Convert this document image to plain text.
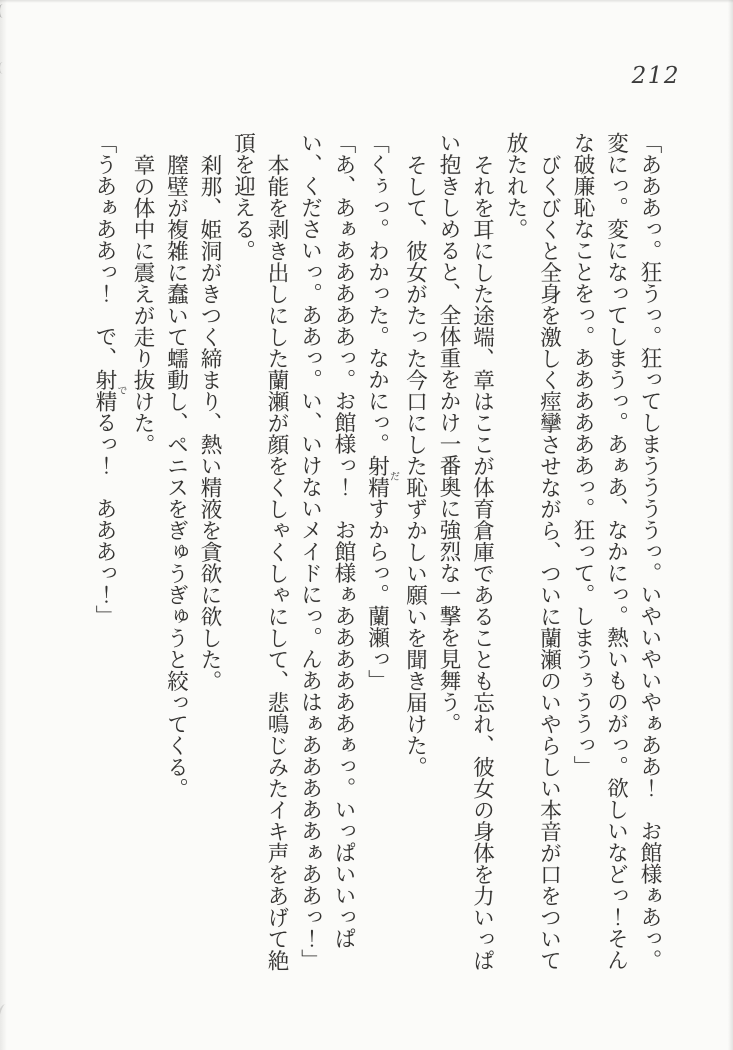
212

「あああっ。狂うっ。狂ってしまううううっ。いやいやいやぁああ！　お館様ぁあっ。変にっ。変になってしまうっ。あぁあ、なかにっ。熱いものがっ。欲しいなどっ！そんな破廉恥なことをっ。ああああああっ。狂って。しまうぅううっ」

びくびくと全身を激しく痙攣させながら、ついに蘭瀬のいやらしい本音が口をついて放たれた。

それを耳にした途端、章はここが体育倉庫であることも忘れ、彼女の身体を力いっぱい抱きしめると、全体重をかけ一番奥に強烈な一撃を見舞う。

そして、彼女がたった今口にした恥ずかしい願いを聞き届けた。

「くぅっ。わかった。なかにっ。射精だすからっ。蘭瀬っ」

「あ、あぁあああああっ。お館様っ！　お館様ぁああああああぁっ。いっぱいいっぱい、くださいっ。ああっ。い、いけないメイドにっ。んあはぁあああああぁああっ！」

本能を剥き出しにした蘭瀬が顔をくしゃくしゃにして、悲鳴じみたイキ声をあげて絶頂を迎える。

刹那、姫洞がきつく締まり、熱い精液を貪欲に欲した。

膣壁が複雑に蠢いて蠕動し、ペニスをぎゅうぎゅうと絞ってくる。

章の体中に震えが走り抜けた。

「うあぁああっ！　で、射精でるっ！　あああっ！」
